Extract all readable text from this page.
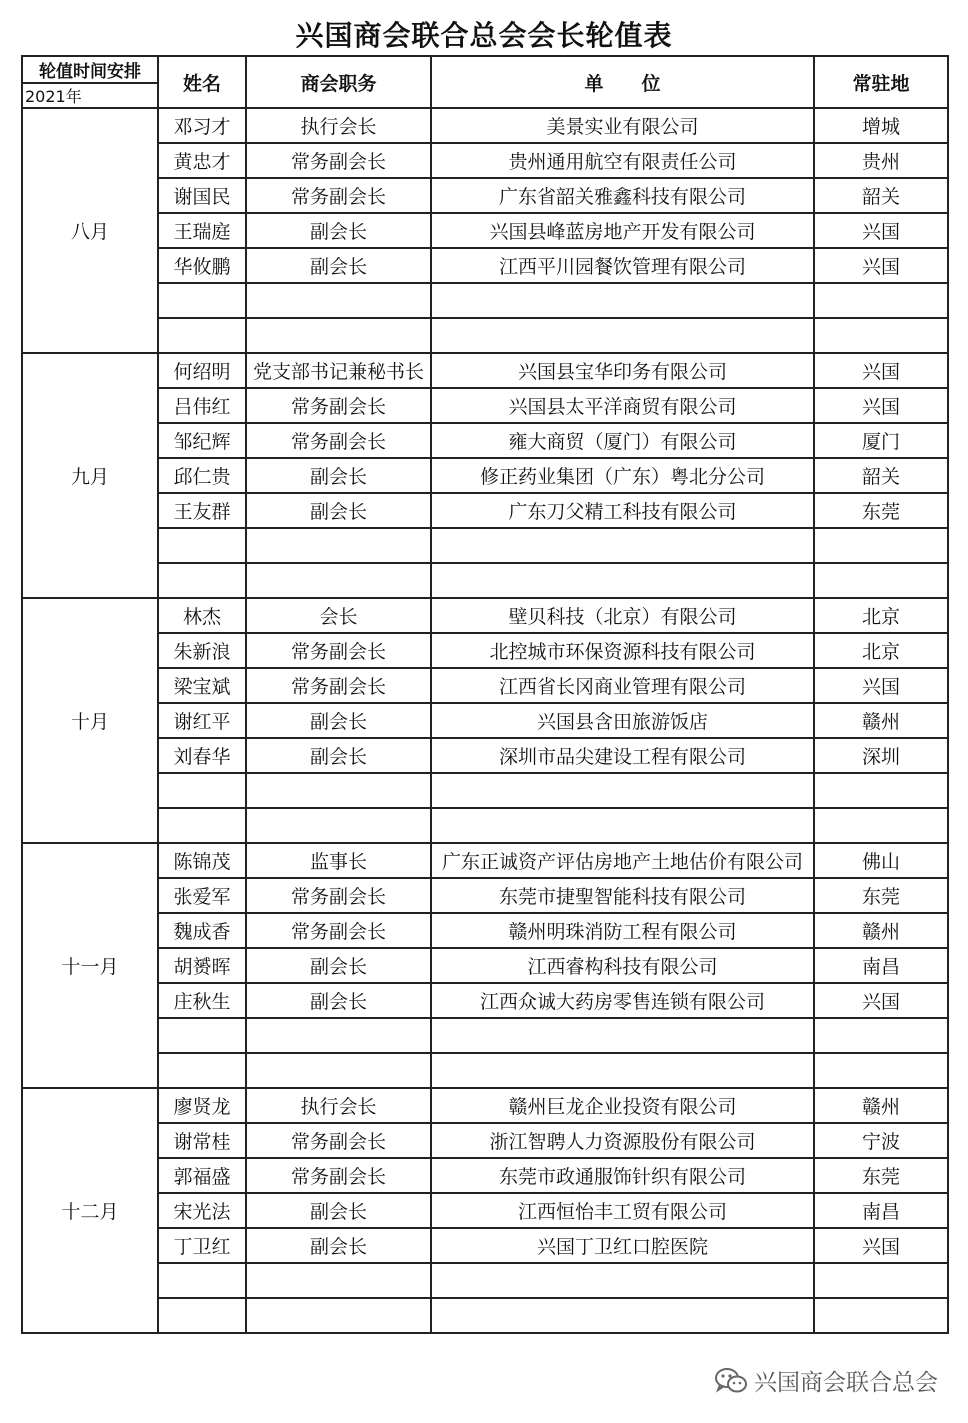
兴国商会联合总会会长轮值表
轮值时间安排	姓名	商会职务	单　　位	常驻地
2021年				
八月	邓习才	执行会长	美景实业有限公司	增城
	黄忠才	常务副会长	贵州通用航空有限责任公司	贵州
	谢国民	常务副会长	广东省韶关雅鑫科技有限公司	韶关
	王瑞庭	副会长	兴国县峰蓝房地产开发有限公司	兴国
	华攸鹏	副会长	江西平川园餐饮管理有限公司	兴国

九月	何绍明	党支部书记兼秘书长	兴国县宝华印务有限公司	兴国
	吕伟红	常务副会长	兴国县太平洋商贸有限公司	兴国
	邹纪辉	常务副会长	雍大商贸（厦门）有限公司	厦门
	邱仁贵	副会长	修正药业集团（广东）粤北分公司	韶关
	王友群	副会长	广东刀父精工科技有限公司	东莞

十月	林杰	会长	壁贝科技（北京）有限公司	北京
	朱新浪	常务副会长	北控城市环保资源科技有限公司	北京
	梁宝斌	常务副会长	江西省长冈商业管理有限公司	兴国
	谢红平	副会长	兴国县含田旅游饭店	赣州
	刘春华	副会长	深圳市品尖建设工程有限公司	深圳

十一月	陈锦茂	监事长	广东正诚资产评估房地产土地估价有限公司	佛山
	张爱军	常务副会长	东莞市捷聖智能科技有限公司	东莞
	魏成香	常务副会长	赣州明珠消防工程有限公司	赣州
	胡赟晖	副会长	江西睿构科技有限公司	南昌
	庄秋生	副会长	江西众诚大药房零售连锁有限公司	兴国

十二月	廖贤龙	执行会长	赣州巨龙企业投资有限公司	赣州
	谢常桂	常务副会长	浙江智聘人力资源股份有限公司	宁波
	郭福盛	常务副会长	东莞市政通服饰针织有限公司	东莞
	宋光法	副会长	江西恒怡丰工贸有限公司	南昌
	丁卫红	副会长	兴国丁卫红口腔医院	兴国

兴国商会联合总会
